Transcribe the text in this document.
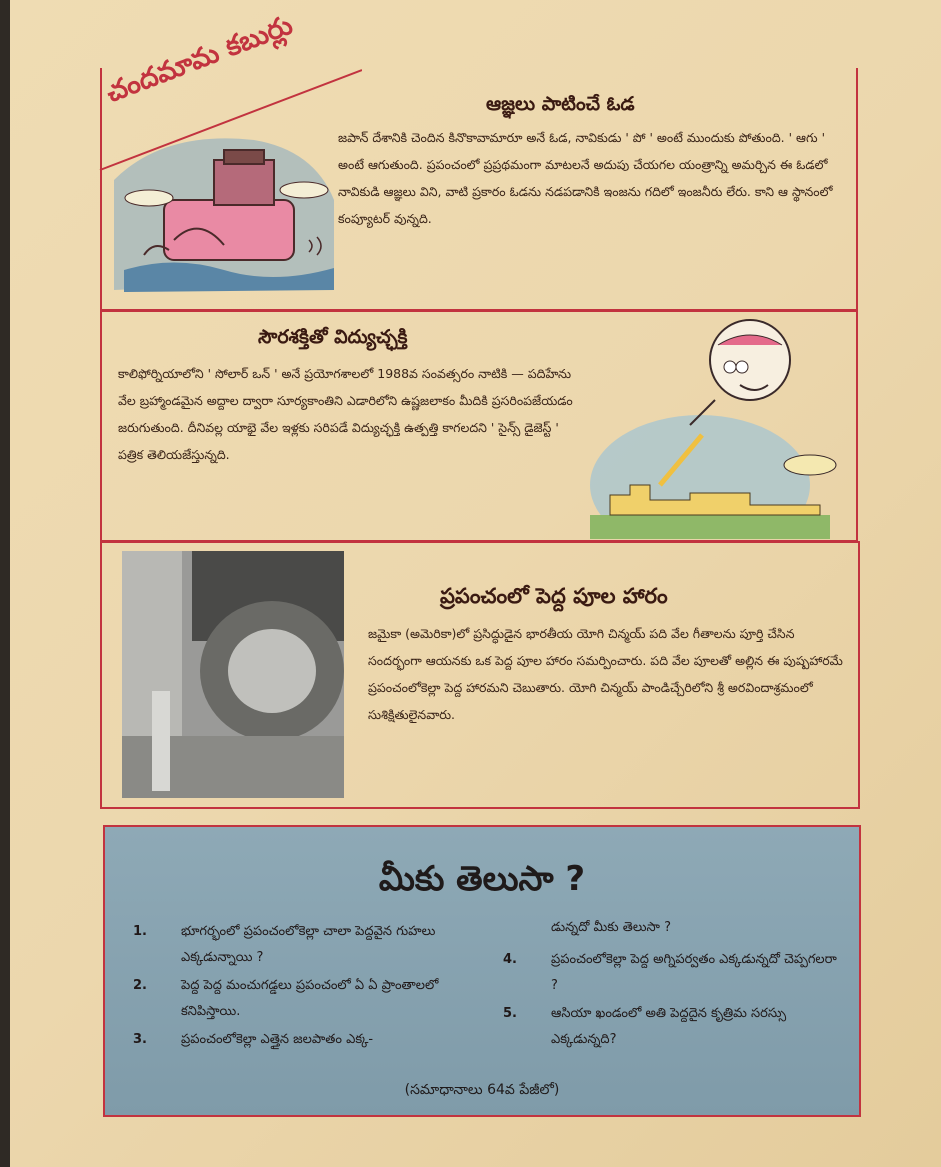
చందమామ కబుర్లు	ఆజ్ఞలు పాటించే ఓడ
జపాన్ దేశానికి చెందిన కినొకావామారూ అనే ఓడ, నావికుడు ' పో ' అంటే ముందుకు పోతుంది. ' ఆగు ' అంటే ఆగుతుంది. ప్రపంచంలో ప్రప్రథమంగా మాటలనే అదుపు చేయగల యంత్రాన్ని అమర్చిన ఈ ఓడలో నావికుడి ఆజ్ఞలు విని, వాటి ప్రకారం ఓడను నడపడానికి ఇంజను గదిలో ఇంజనీరు లేరు. కాని ఆ స్థానంలో కంప్యూటర్ వున్నది.
సౌరశక్తితో విద్యుచ్ఛక్తి
కాలిఫోర్నియాలోని ' సోలార్ ఒన్ ' అనే ప్రయోగశాలలో 1988వ సంవత్సరం నాటికి — పదిహేను వేల బ్రహ్మాండమైన అద్దాల ద్వారా సూర్యకాంతిని ఎడారిలోని ఉష్ణజలాకం మీదికి ప్రసరింపజేయడం జరుగుతుంది. దీనివల్ల యాభై వేల ఇళ్లకు సరిపడే విద్యుచ్ఛక్తి ఉత్పత్తి కాగలదని ' సైన్స్ డైజెస్ట్ ' పత్రిక తెలియజేస్తున్నది.
ప్రపంచంలో పెద్ద పూల హారం
జమైకా (అమెరికా)లో ప్రసిద్ధుడైన భారతీయ యోగి చిన్మయ్ పది వేల గీతాలను పూర్తి చేసిన సందర్భంగా ఆయనకు ఒక పెద్ద పూల హారం సమర్పించారు. పది వేల పూలతో అల్లిన ఈ పుష్పహారమే ప్రపంచంలోకెల్లా పెద్ద హారమని చెబుతారు. యోగి చిన్మయ్ పాండిచ్చేరిలోని శ్రీ అరవిందాశ్రమంలో సుశిక్షితులైనవారు.
మీకు తెలుసా ?
1.	భూగర్భంలో ప్రపంచంలోకెల్లా చాలా పెద్దవైన గుహలు ఎక్కడున్నాయి ?
2.	పెద్ద పెద్ద మంచుగడ్డలు ప్రపంచంలో ఏ ఏ ప్రాంతాలలో కనిపిస్తాయి.
3.	ప్రపంచంలోకెల్లా ఎత్తైన జలపాతం ఎక్క-
డున్నదో మీకు తెలుసా ?
4.	ప్రపంచంలోకెల్లా పెద్ద అగ్నిపర్వతం ఎక్కడున్నదో చెప్పగలరా ?
5.	ఆసియా ఖండంలో అతి పెద్దదైన కృత్రిమ సరస్సు ఎక్కడున్నది?
(సమాధానాలు 64వ పేజీలో)
